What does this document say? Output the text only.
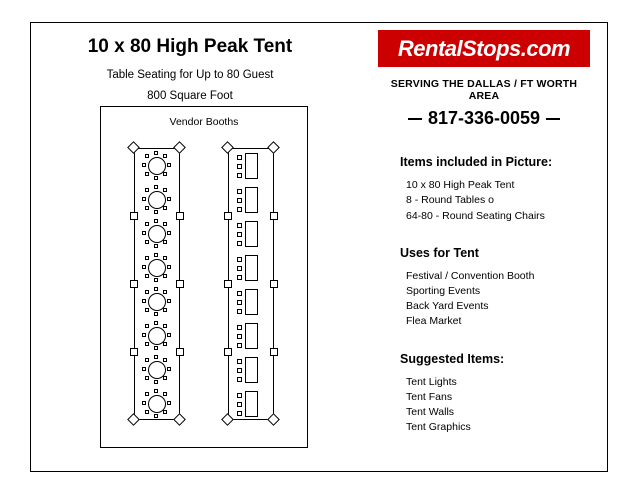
10 x 80 High Peak Tent
Table Seating for Up to 80 Guest
800 Square Foot
Vendor Booths
RentalStops.com
SERVING THE DALLAS / FT WORTH AREA
817-336-0059
Items included in Picture:
10 x 80 High Peak Tent
8 - Round Tables o
64-80 - Round Seating Chairs
Uses for Tent
Festival / Convention Booth
Sporting Events
Back Yard Events
Flea Market
Suggested Items:
Tent Lights
Tent Fans
Tent Walls
Tent Graphics
